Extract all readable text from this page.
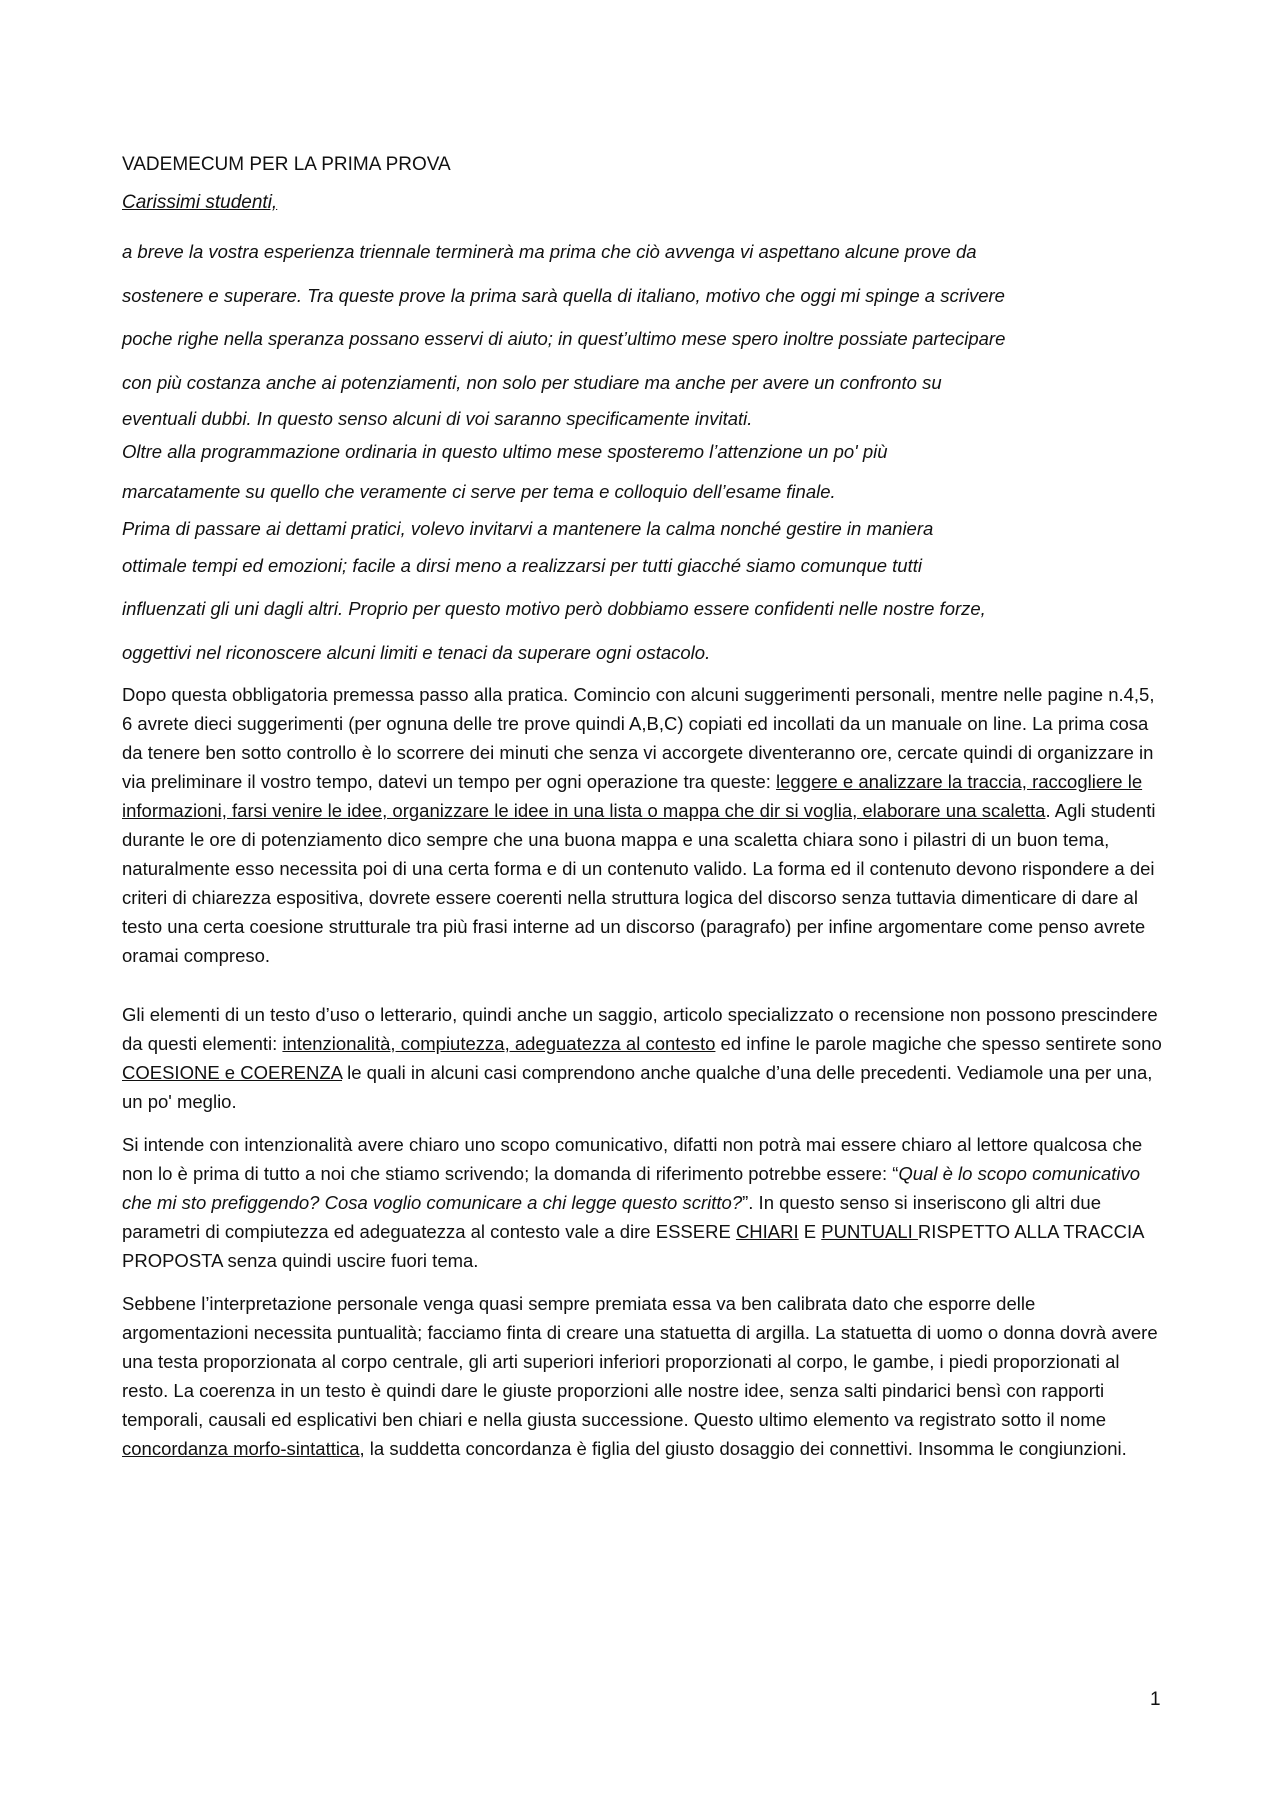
VADEMECUM PER LA PRIMA PROVA
Carissimi studenti,

a breve la vostra esperienza triennale terminerà ma prima che ciò avvenga vi aspettano alcune prove da

sostenere e superare. Tra queste prove la prima sarà quella di italiano, motivo che oggi mi spinge a scrivere

poche righe nella speranza possano esservi di aiuto; in quest’ultimo mese spero inoltre possiate partecipare

con più costanza anche ai potenziamenti, non solo per studiare ma anche per avere un confronto su

eventuali dubbi. In questo senso alcuni di voi saranno specificamente invitati.

Oltre alla programmazione ordinaria in questo ultimo mese sposteremo l’attenzione un po' più

marcatamente su quello che veramente ci serve per tema e colloquio dell’esame finale.

Prima di passare ai dettami pratici, volevo invitarvi a mantenere la calma nonché gestire in maniera

ottimale tempi ed emozioni; facile a dirsi meno a realizzarsi per tutti giacché siamo comunque tutti

influenzati gli uni dagli altri. Proprio per questo motivo però dobbiamo essere confidenti nelle nostre forze,

oggettivi nel riconoscere alcuni limiti e tenaci da superare ogni ostacolo.

Dopo questa obbligatoria premessa passo alla pratica. Comincio con alcuni suggerimenti personali, mentre nelle pagine n.4,5, 6 avrete dieci suggerimenti (per ognuna delle tre prove quindi A,B,C) copiati ed incollati da un manuale on line. La prima cosa da tenere ben sotto controllo è lo scorrere dei minuti che senza vi accorgete diventeranno ore, cercate quindi di organizzare in via preliminare il vostro tempo, datevi un tempo per ogni operazione tra queste: leggere e analizzare la traccia, raccogliere le informazioni, farsi venire le idee, organizzare le idee in una lista o mappa che dir si voglia, elaborare una scaletta. Agli studenti durante le ore di potenziamento dico sempre che una buona mappa e una scaletta chiara sono i pilastri di un buon tema, naturalmente esso necessita poi di una certa forma e di un contenuto valido. La forma ed il contenuto devono rispondere a dei criteri di chiarezza espositiva, dovrete essere coerenti nella struttura logica del discorso senza tuttavia dimenticare di dare al testo una certa coesione strutturale tra più frasi interne ad un discorso (paragrafo) per infine argomentare come penso avrete oramai compreso.

Gli elementi di un testo d’uso o letterario, quindi anche un saggio, articolo specializzato o recensione non possono prescindere da questi elementi: intenzionalità, compiutezza, adeguatezza al contesto ed infine le parole magiche che spesso sentirete sono COESIONE e COERENZA le quali in alcuni casi comprendono anche qualche d’una delle precedenti. Vediamole una per una, un po' meglio.

Si intende con intenzionalità avere chiaro uno scopo comunicativo, difatti non potrà mai essere chiaro al lettore qualcosa che non lo è prima di tutto a noi che stiamo scrivendo; la domanda di riferimento potrebbe essere: “Qual è lo scopo comunicativo che mi sto prefiggendo? Cosa voglio comunicare a chi legge questo scritto?”. In questo senso si inseriscono gli altri due parametri di compiutezza ed adeguatezza al contesto vale a dire ESSERE CHIARI E PUNTUALI RISPETTO ALLA TRACCIA PROPOSTA senza quindi uscire fuori tema.

Sebbene l’interpretazione personale venga quasi sempre premiata essa va ben calibrata dato che esporre delle argomentazioni necessita puntualità; facciamo finta di creare una statuetta di argilla. La statuetta di uomo o donna dovrà avere una testa proporzionata al corpo centrale, gli arti superiori inferiori proporzionati al corpo, le gambe, i piedi proporzionati al resto. La coerenza in un testo è quindi dare le giuste proporzioni alle nostre idee, senza salti pindarici bensì con rapporti temporali, causali ed esplicativi ben chiari e nella giusta successione. Questo ultimo elemento va registrato sotto il nome concordanza morfo-sintattica, la suddetta concordanza è figlia del giusto dosaggio dei connettivi. Insomma le congiunzioni.

1
